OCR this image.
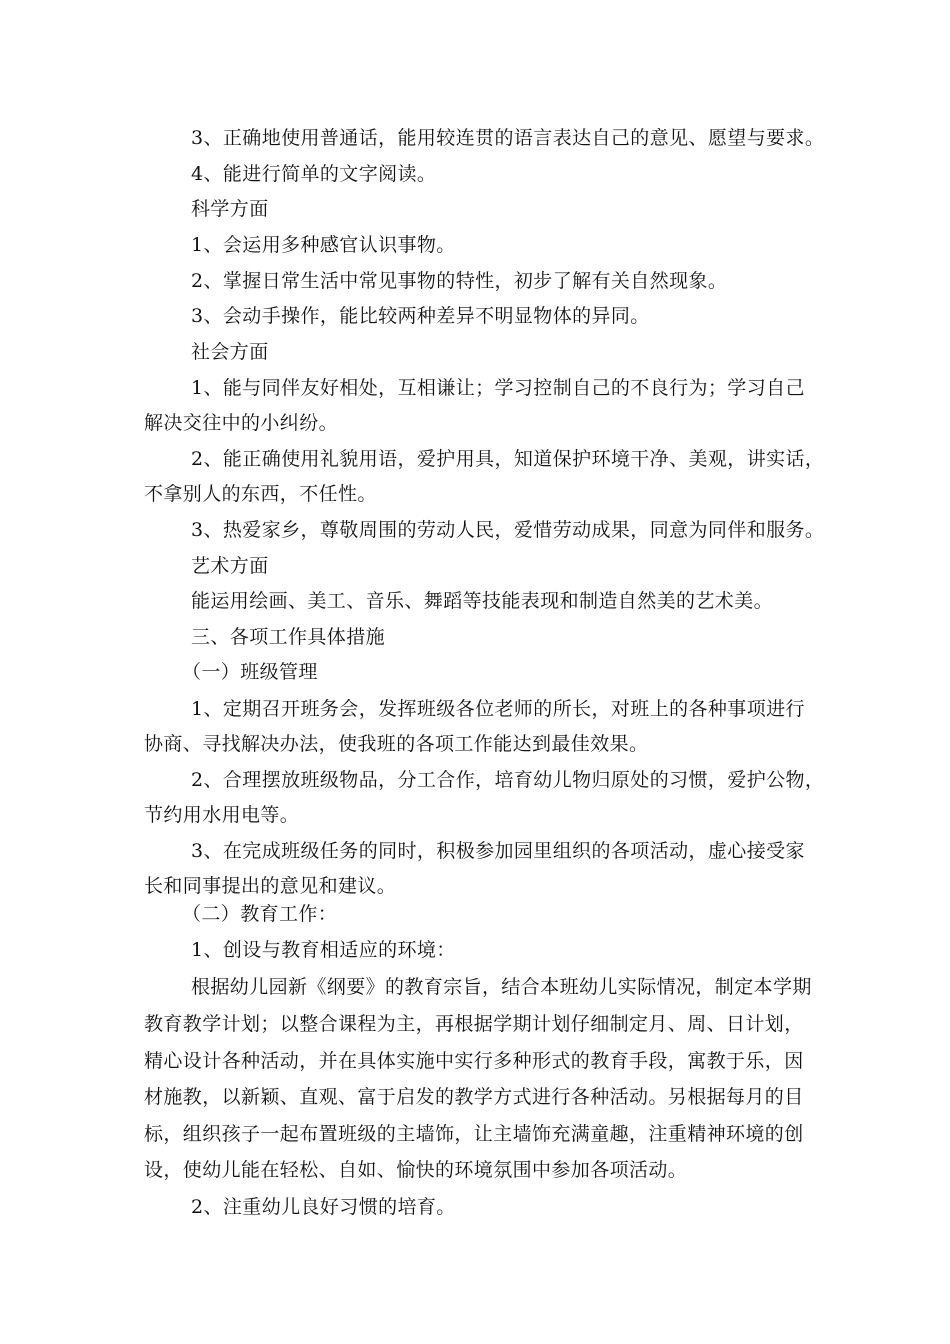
3、正确地使用普通话，能用较连贯的语言表达自己的意见、愿望与要求。
4、能进行简单的文字阅读。
科学方面
1、会运用多种感官认识事物。
2、掌握日常生活中常见事物的特性，初步了解有关自然现象。
3、会动手操作，能比较两种差异不明显物体的异同。
社会方面
1、能与同伴友好相处，互相谦让；学习控制自己的不良行为；学习自己
解决交往中的小纠纷。
2、能正确使用礼貌用语，爱护用具，知道保护环境干净、美观，讲实话，
不拿别人的东西，不任性。
3、热爱家乡，尊敬周围的劳动人民，爱惜劳动成果，同意为同伴和服务。
艺术方面
能运用绘画、美工、音乐、舞蹈等技能表现和制造自然美的艺术美。
三、各项工作具体措施
（一）班级管理
1、定期召开班务会，发挥班级各位老师的所长，对班上的各种事项进行
协商、寻找解决办法，使我班的各项工作能达到最佳效果。
2、合理摆放班级物品，分工合作，培育幼儿物归原处的习惯，爱护公物，
节约用水用电等。
3、在完成班级任务的同时，积极参加园里组织的各项活动，虚心接受家
长和同事提出的意见和建议。
（二）教育工作：
1、创设与教育相适应的环境：
根据幼儿园新《纲要》的教育宗旨，结合本班幼儿实际情况，制定本学期
教育教学计划；以整合课程为主，再根据学期计划仔细制定月、周、日计划，
精心设计各种活动，并在具体实施中实行多种形式的教育手段，寓教于乐，因
材施教，以新颖、直观、富于启发的教学方式进行各种活动。另根据每月的目
标，组织孩子一起布置班级的主墙饰，让主墙饰充满童趣，注重精神环境的创
设，使幼儿能在轻松、自如、愉快的环境氛围中参加各项活动。
2、注重幼儿良好习惯的培育。
